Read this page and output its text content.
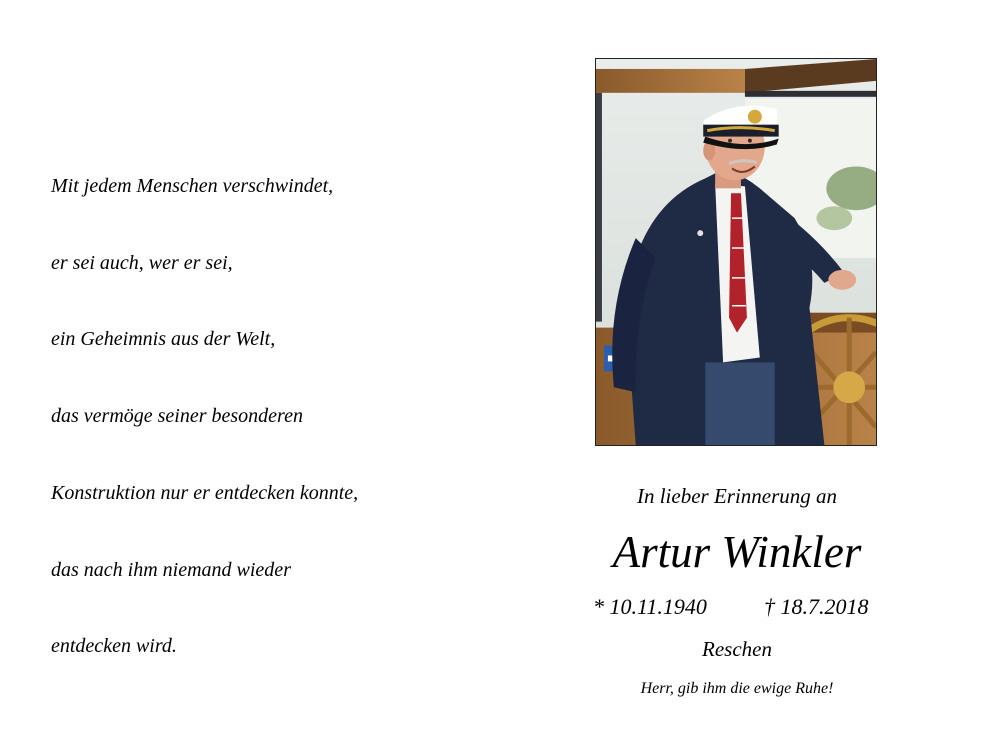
Mit jedem Menschen verschwindet,
er sei auch, wer er sei,
ein Geheimnis aus der Welt,
das vermöge seiner besonderen
Konstruktion nur er entdecken konnte,
das nach ihm niemand wieder
entdecken wird.
In lieber Erinnerung an
Artur Winkler
* 10.11.1940	† 18.7.2018
Reschen
Herr, gib ihm die ewige Ruhe!
